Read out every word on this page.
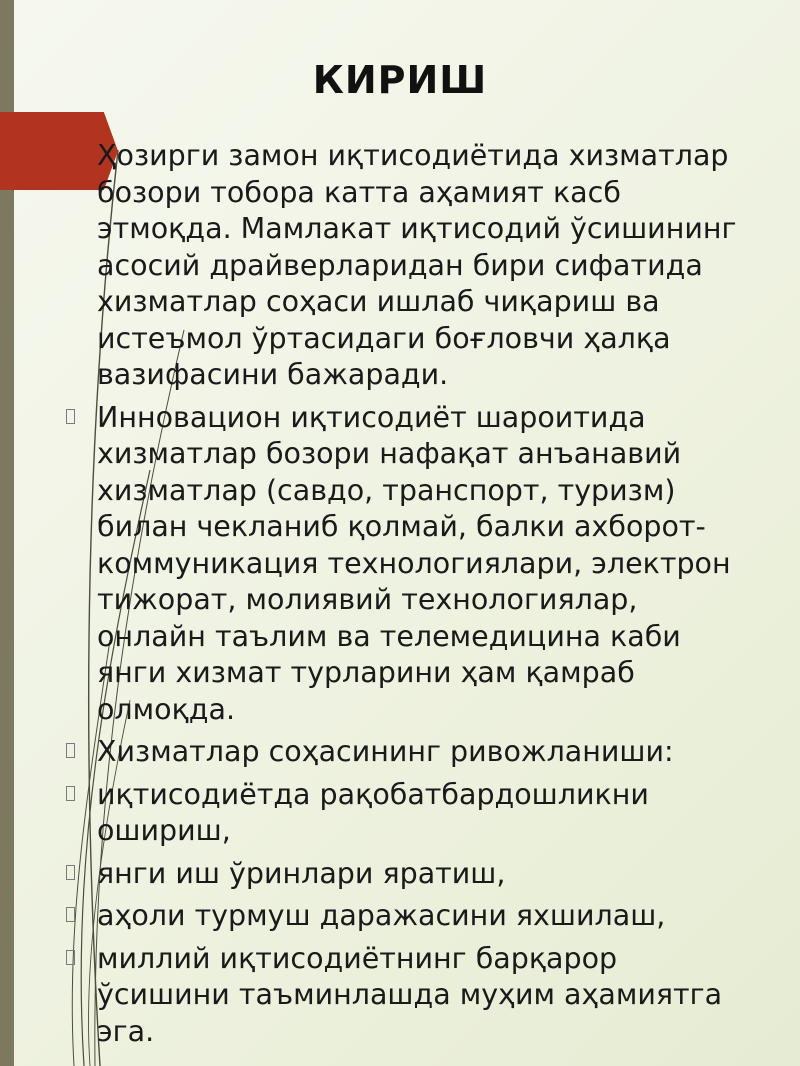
КИРИШ
Ҳозирги замон иқтисодиётида хизматлар бозори тобора катта аҳамият касб этмоқда. Мамлакат иқтисодий ўсишининг асосий драйверларидан бири сифатида хизматлар соҳаси ишлаб чиқариш ва истеъмол ўртасидаги боғловчи ҳалқа вазифасини бажаради.
Инновацион иқтисодиёт шароитида хизматлар бозори нафақат анъанавий хизматлар (савдо, транспорт, туризм) билан чекланиб қолмай, балки ахборот-коммуникация технологиялари, электрон тижорат, молиявий технологиялар, онлайн таълим ва телемедицина каби янги хизмат турларини ҳам қамраб олмоқда.
Хизматлар соҳасининг ривожланиши:
иқтисодиётда рақобатбардошликни ошириш,
янги иш ўринлари яратиш,
аҳоли турмуш даражасини яхшилаш,
миллий иқтисодиётнинг барқарор ўсишини таъминлашда муҳим аҳамиятга эга.
